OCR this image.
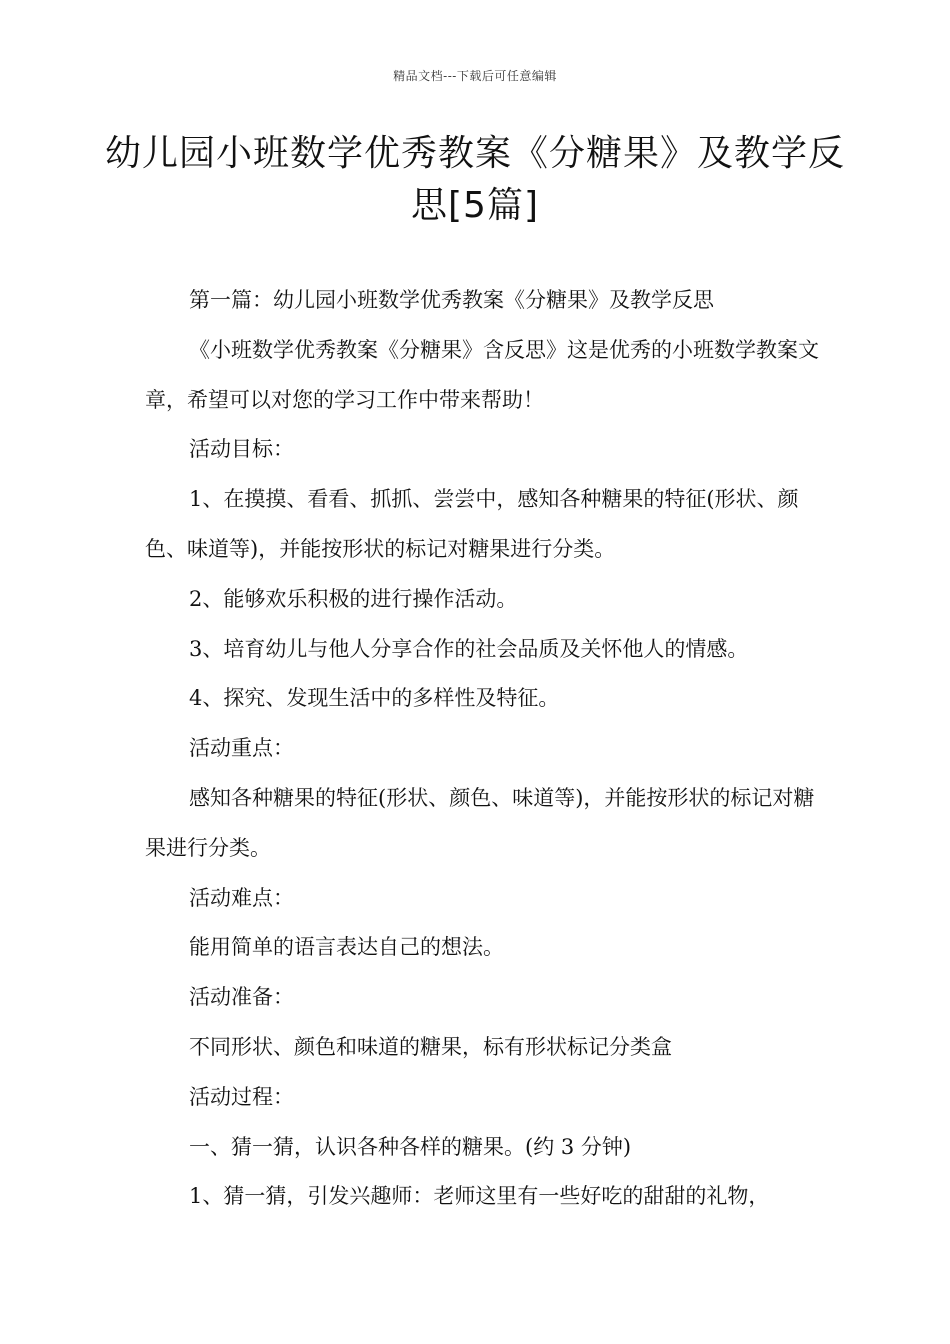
精品文档---下载后可任意编辑
幼儿园小班数学优秀教案《分糖果》及教学反思[5篇]

第一篇：幼儿园小班数学优秀教案《分糖果》及教学反思

《小班数学优秀教案《分糖果》含反思》这是优秀的小班数学教案文章，希望可以对您的学习工作中带来帮助！

活动目标：

1、在摸摸、看看、抓抓、尝尝中，感知各种糖果的特征(形状、颜色、味道等)，并能按形状的标记对糖果进行分类。

2、能够欢乐积极的进行操作活动。

3、培育幼儿与他人分享合作的社会品质及关怀他人的情感。

4、探究、发现生活中的多样性及特征。

活动重点：

感知各种糖果的特征(形状、颜色、味道等)，并能按形状的标记对糖果进行分类。

活动难点：

能用简单的语言表达自己的想法。

活动准备：

不同形状、颜色和味道的糖果，标有形状标记分类盒

活动过程：

一、猜一猜，认识各种各样的糖果。(约 3 分钟)

1、猜一猜，引发兴趣师：老师这里有一些好吃的甜甜的礼物，
